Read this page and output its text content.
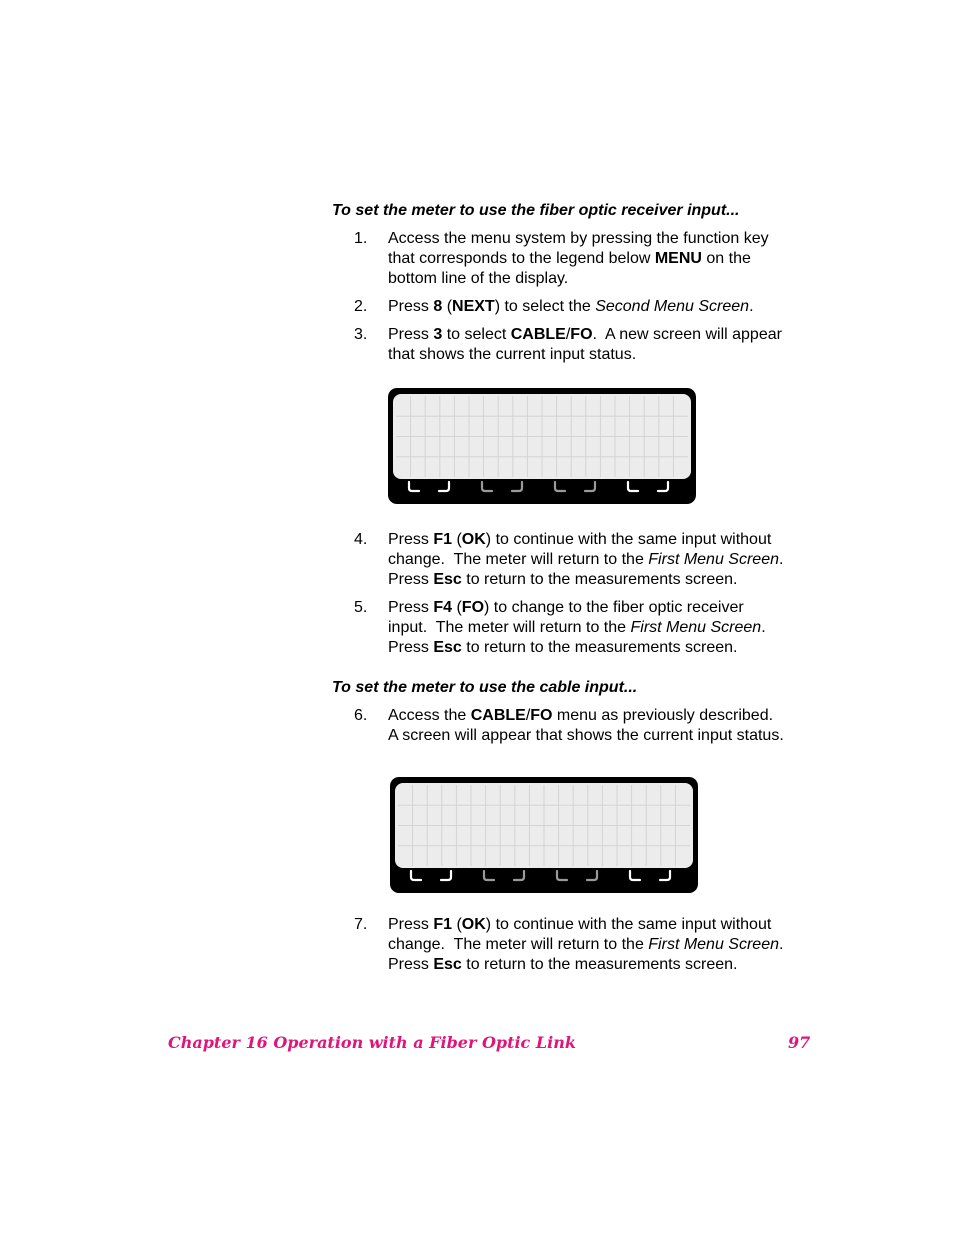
To set the meter to use the fiber optic receiver input...

1. Access the menu system by pressing the function key
that corresponds to the legend below MENU on the
bottom line of the display.
2. Press 8 (NEXT) to select the Second Menu Screen.
3. Press 3 to select CABLE/FO.  A new screen will appear
that shows the current input status.
4. Press F1 (OK) to continue with the same input without
change.  The meter will return to the First Menu Screen.
Press Esc to return to the measurements screen.
5. Press F4 (FO) to change to the fiber optic receiver
input.  The meter will return to the First Menu Screen.
Press Esc to return to the measurements screen.

To set the meter to use the cable input...

6. Access the CABLE/FO menu as previously described.
A screen will appear that shows the current input status.
7. Press F1 (OK) to continue with the same input without
change.  The meter will return to the First Menu Screen.
Press Esc to return to the measurements screen.
Chapter 16 Operation with a Fiber Optic Link	97
